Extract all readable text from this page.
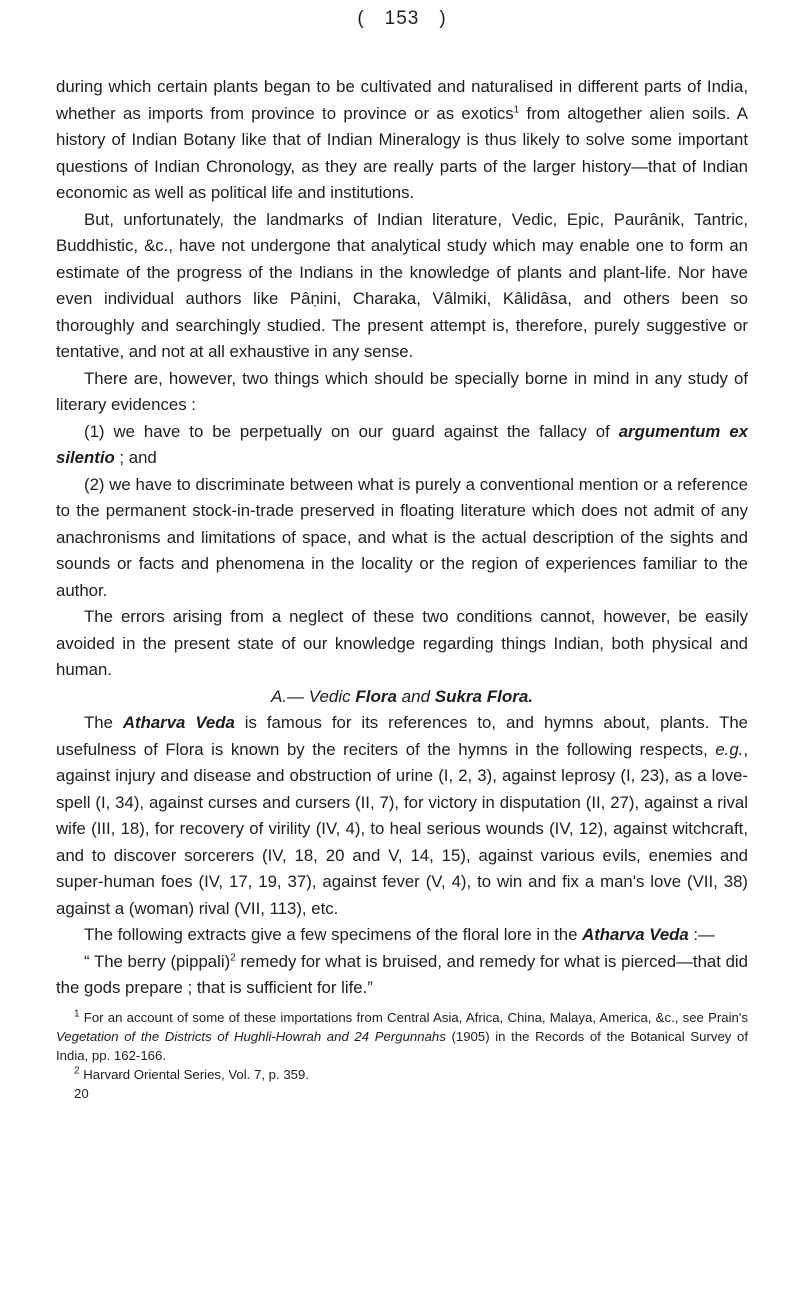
( 153 )

during which certain plants began to be cultivated and naturalised in different parts of India, whether as imports from province to province or as exotics$^1$ from altogether alien soils. A history of Indian Botany like that of Indian Mineralogy is thus likely to solve some important questions of Indian Chronology, as they are really parts of the larger history—that of Indian economic as well as political life and institutions.

But, unfortunately, the landmarks of Indian literature, Vedic, Epic, Paurânik, Tantric, Buddhistic, &c., have not undergone that analytical study which may enable one to form an estimate of the progress of the Indians in the knowledge of plants and plant-life. Nor have even individual authors like Pâṇini, Charaka, Vâlmiki, Kâlidâsa, and others been so thoroughly and searchingly studied. The present attempt is, therefore, purely suggestive or tentative, and not at all exhaustive in any sense.

There are, however, two things which should be specially borne in mind in any study of literary evidences :

(1) we have to be perpetually on our guard against the fallacy of argumentum ex silentio ; and

(2) we have to discriminate between what is purely a conventional mention or a reference to the permanent stock-in-trade preserved in floating literature which does not admit of any anachronisms and limitations of space, and what is the actual description of the sights and sounds or facts and phenomena in the locality or the region of experiences familiar to the author.

The errors arising from a neglect of these two conditions cannot, however, be easily avoided in the present state of our knowledge regarding things Indian, both physical and human.

A.— Vedic Flora and Sukra Flora.

The Atharva Veda is famous for its references to, and hymns about, plants. The usefulness of Flora is known by the reciters of the hymns in the following respects, e.g., against injury and disease and obstruction of urine (I, 2, 3), against leprosy (I, 23), as a love-spell (I, 34), against curses and cursers (II, 7), for victory in disputation (II, 27), against a rival wife (III, 18), for recovery of virility (IV, 4), to heal serious wounds (IV, 12), against witchcraft, and to discover sorcerers (IV, 18, 20 and V, 14, 15), against various evils, enemies and super-human foes (IV, 17, 19, 37), against fever (V, 4), to win and fix a man's love (VII, 38) against a (woman) rival (VII, 113), etc.

The following extracts give a few specimens of the floral lore in the Atharva Veda :—

“ The berry (pippali)$^2$ remedy for what is bruised, and remedy for what is pierced—that did the gods prepare ; that is sufficient for life.”

$^1$ For an account of some of these importations from Central Asia, Africa, China, Malaya, America, &c., see Prain's Vegetation of the Districts of Hughli-Howrah and 24 Pergunnahs (1905) in the Records of the Botanical Survey of India, pp. 162-166.

$^2$ Harvard Oriental Series, Vol. 7, p. 359.

20
